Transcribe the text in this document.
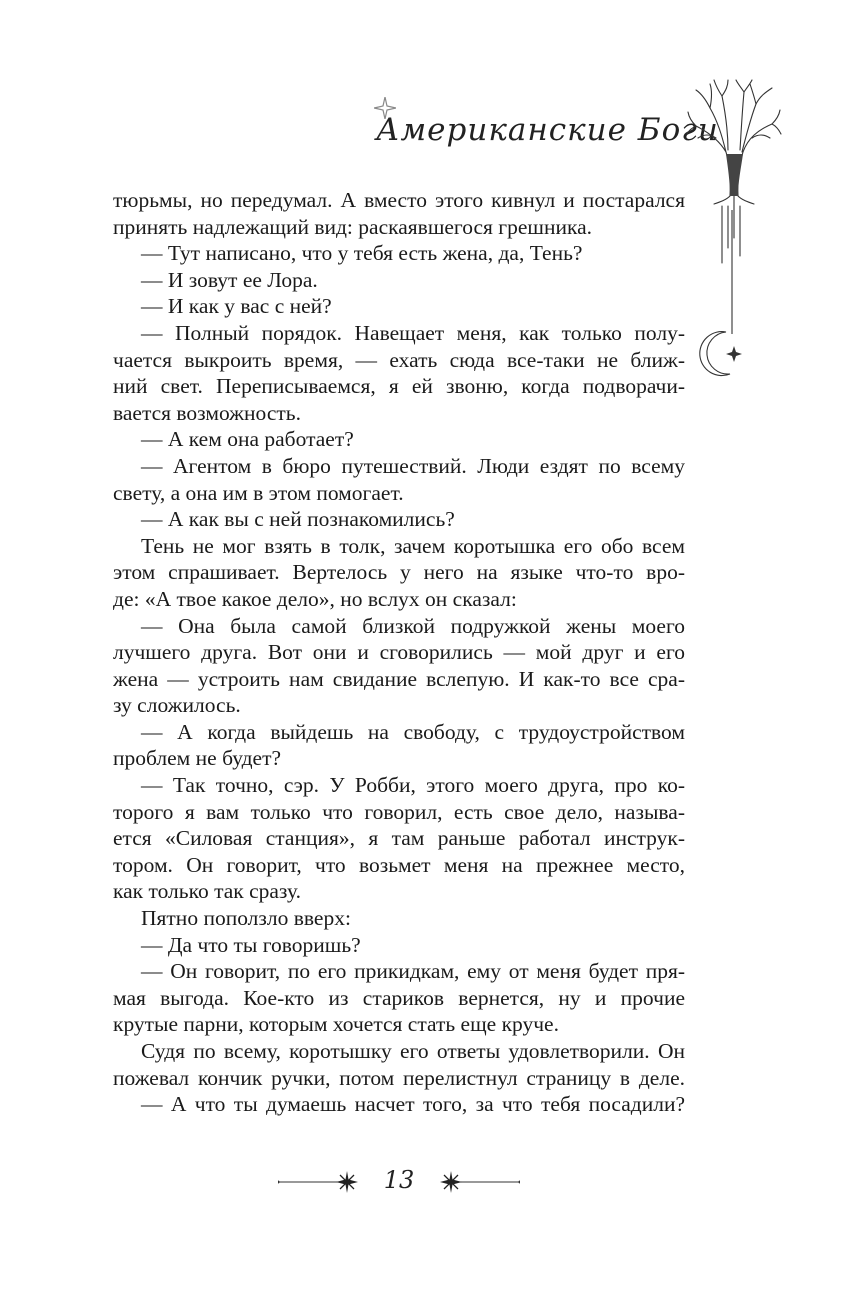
Американские Боги
тюрьмы, но передумал. А вместо этого кивнул и постарался
принять надлежащий вид: раскаявшегося грешника.
— Тут написано, что у тебя есть жена, да, Тень?
— И зовут ее Лора.
— И как у вас с ней?
— Полный порядок. Навещает меня, как только полу-
чается выкроить время, — ехать сюда все-таки не ближ-
ний свет. Переписываемся, я ей звоню, когда подворачи-
вается возможность.
— А кем она работает?
— Агентом в бюро путешествий. Люди ездят по всему
свету, а она им в этом помогает.
— А как вы с ней познакомились?
Тень не мог взять в толк, зачем коротышка его обо всем
этом спрашивает. Вертелось у него на языке что-то вро-
де: «А твое какое дело», но вслух он сказал:
— Она была самой близкой подружкой жены моего
лучшего друга. Вот они и сговорились — мой друг и его
жена — устроить нам свидание вслепую. И как-то все сра-
зу сложилось.
— А когда выйдешь на свободу, с трудоустройством
проблем не будет?
— Так точно, сэр. У Робби, этого моего друга, про ко-
торого я вам только что говорил, есть свое дело, называ-
ется «Силовая станция», я там раньше работал инструк-
тором. Он говорит, что возьмет меня на прежнее место,
как только так сразу.
Пятно поползло вверх:
— Да что ты говоришь?
— Он говорит, по его прикидкам, ему от меня будет пря-
мая выгода. Кое-кто из стариков вернется, ну и прочие
крутые парни, которым хочется стать еще круче.
Судя по всему, коротышку его ответы удовлетворили. Он
пожевал кончик ручки, потом перелистнул страницу в деле.
— А что ты думаешь насчет того, за что тебя посадили?
13
